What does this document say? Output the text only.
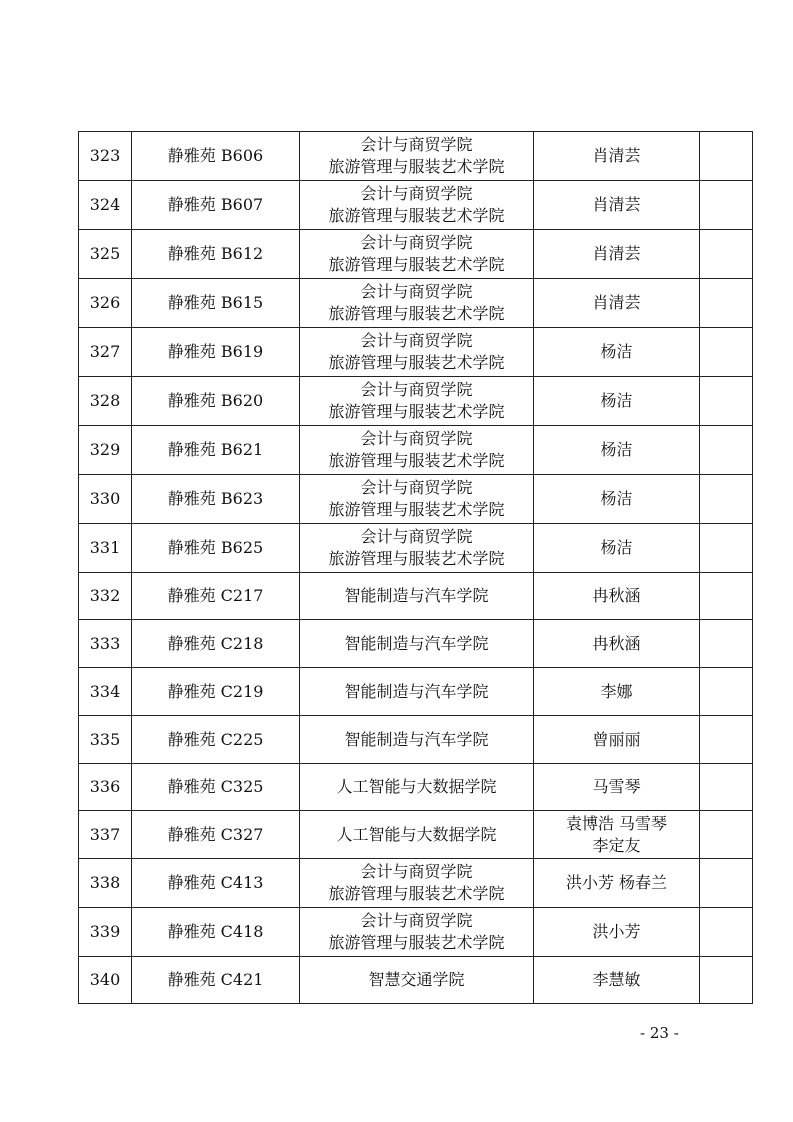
323	静雅苑 B606	会计与商贸学院
旅游管理与服装艺术学院	肖清芸	

324	静雅苑 B607	会计与商贸学院
旅游管理与服装艺术学院	肖清芸	

325	静雅苑 B612	会计与商贸学院
旅游管理与服装艺术学院	肖清芸	

326	静雅苑 B615	会计与商贸学院
旅游管理与服装艺术学院	肖清芸	

327	静雅苑 B619	会计与商贸学院
旅游管理与服装艺术学院	杨洁	

328	静雅苑 B620	会计与商贸学院
旅游管理与服装艺术学院	杨洁	

329	静雅苑 B621	会计与商贸学院
旅游管理与服装艺术学院	杨洁	

330	静雅苑 B623	会计与商贸学院
旅游管理与服装艺术学院	杨洁	

331	静雅苑 B625	会计与商贸学院
旅游管理与服装艺术学院	杨洁	

332	静雅苑 C217	智能制造与汽车学院	冉秋涵	

333	静雅苑 C218	智能制造与汽车学院	冉秋涵	

334	静雅苑 C219	智能制造与汽车学院	李娜	

335	静雅苑 C225	智能制造与汽车学院	曾丽丽	

336	静雅苑 C325	人工智能与大数据学院	马雪琴	

337	静雅苑 C327	人工智能与大数据学院	袁博浩 马雪琴
李定友	

338	静雅苑 C413	会计与商贸学院
旅游管理与服装艺术学院	洪小芳 杨春兰	

339	静雅苑 C418	会计与商贸学院
旅游管理与服装艺术学院	洪小芳	

340	静雅苑 C421	智慧交通学院	李慧敏	

- 23 -
